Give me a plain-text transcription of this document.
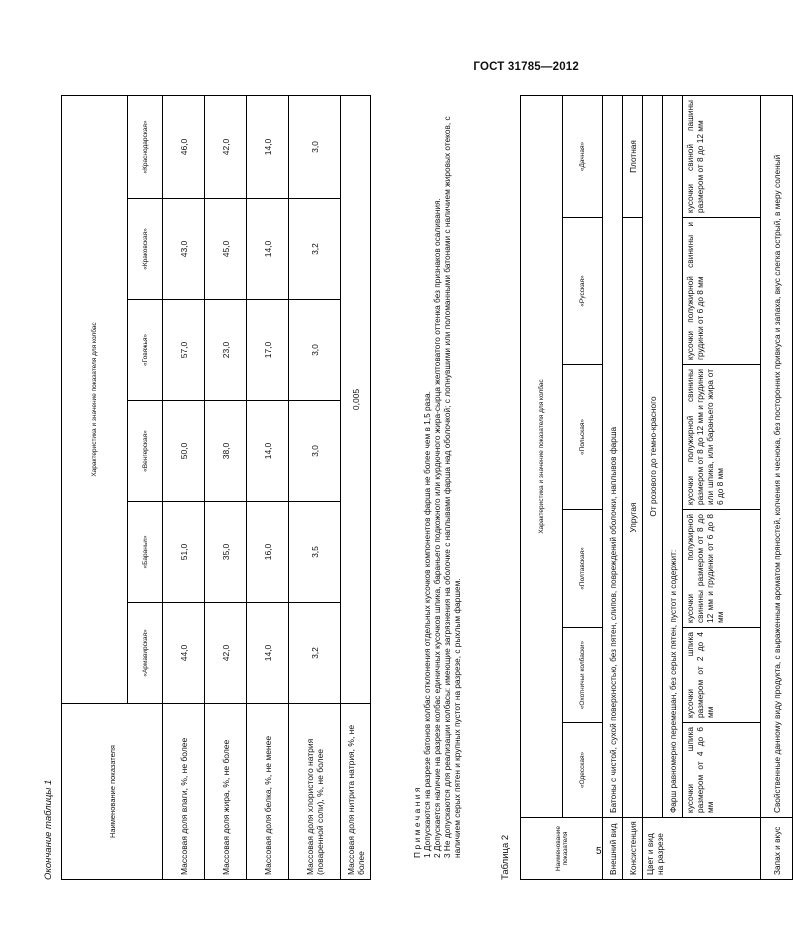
ГОСТ 31785—2012
Окончание таблицы 1	Наименование показателя	Характеристика и значение показателя для колбас					
	«Армавирская»	«Бараньи»	«Венгерская»	«Говяжья»	«Краковская»	«Краснодарская»
Массовая доля влаги, %, не более	44,0	51,0	50,0	57,0	43,0	46,0
Массовая доля жира, %, не более	42,0	35,0	38,0	23,0	45,0	42,0
Массовая доля белка, %, не менее	14,0	16,0	14,0	17,0	14,0	14,0
Массовая доля хлористого натрия (поваренной соли), %, не более	3,2	3,5	3,0	3,0	3,2	3,0
Массовая доля нитрита натрия, %, не более	0,005					
Примечания 1 Допускаются на разрезе батонов колбас отклонения отдельных кусочков компонентов фарша не более чем в 1,5 раза. 2 Допускается наличие на разрезе колбас единичных кусочков шпика, бараньего подкожного или курдючного жира-сырца желтоватого оттенка без признаков осаливания. 3 Не допускаются для реализации колбасы: имеющие загрязнения на оболочке с наплывами фарша над оболочкой; с лопнувшими или поломанными батонами с наличием жировых отеков, с наличием серых пятен и крупных пустот на разрезе, с рыхлым фаршем.	Таблица 2	Наименование показателя	Характеристика и значение показателя для колбас					
	«Одесская»	«Охотничьи колбаски»	«Полтавская»	«Польская»	«Русская»	«Дачная»
Внешний вид	Батоны с чистой, сухой поверхностью, без пятен, слипов, повреждений оболочки, наплывов фарша					
Консистенция	Упругая					Плотная
Цвет и вид на разрезе	От розового до темно-красного					
	Фарш равномерно перемешан, без серых пятен, пустот и содержит:					
	кусочки шпика размером от 4 до 6 мм	кусочки шпика размером от 2 до 4 мм	кусочки полужирной свинины размером от 8 до 12 мм и грудинки от 6 до 8 мм	кусочки полужирной свинины размером от 8 до 12 мм и грудинки или шпика, или бараньего жира от 6 до 8 мм	кусочки полужирной свинины и грудинки от 6 до 8 мм	кусочки свиной пашины размером от 8 до 12 мм
Запах и вкус	Свойственные данному виду продукта, с выраженным ароматом пряностей, копчения и чеснока, без посторонних привкуса и запаха, вкус слегка острый, в меру соленый					
5
